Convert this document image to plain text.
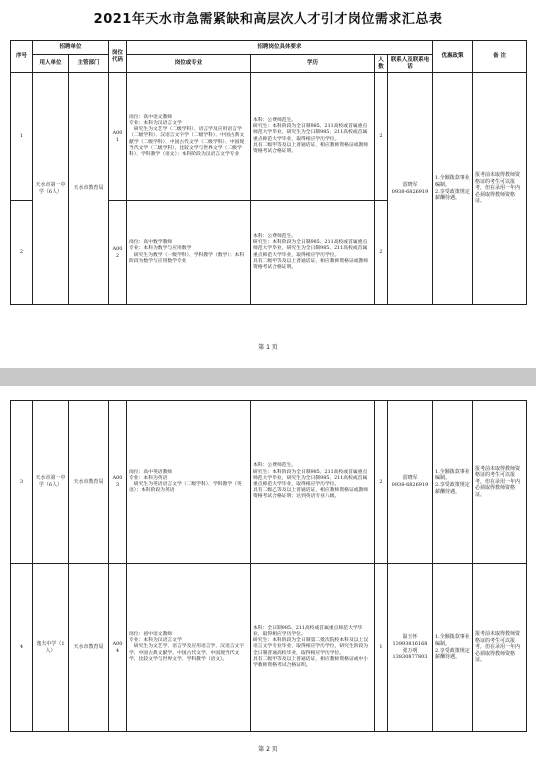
2021年天水市急需紧缺和高层次人才引才岗位需求汇总表
序号	招聘单位		岗位代码	招聘岗位具体要求				优惠政策	备 注
	用人单位	主管部门		岗位或专业	学历	人数	联系人及联系电话		
1	天水市第一中学（6人）	天水市教育局	A001	岗位：高中语文教师
专业：本科为汉语言文学
　研究生为文艺学（二级学科）、语言学及应用语言学（二级学科）、汉语言文字学（二级学科）、中国古典文献学（二级学科）、中国古代文学（二级学科）、中国现当代文学（二级学科）、比较文学与世界文学（二级学科）、学科教学（语文）；本科阶段为汉语言文学专业	本科：公费师范生。
研究生：本科阶段为全日制985、211高校或首属重点师范大学毕业，研究生为全日制985、211高校或首属重点师范大学毕业，取得相应学历学位。
具有二级甲等及以上普通话证，相应教师资格证或教师资格考试合格证明。	2	雷晓军
0938-6826919	1.全额拨款事业编制。
2.享受政策规定薪酬待遇。	报考前未取得教师资格证的考生可以报考，但在录用一年内必须取得教师资格证。
2			A002	岗位：高中数学教师
专业：本科为数学与应用数学
　研究生为数学（一级学科）、学科教学（数学）；本科阶段为数学与应用数学专业	本科：公费师范生。
研究生：本科阶段为全日制985、211高校或首属重点师范大学毕业，研究生为全日制985、211高校或首属重点师范大学毕业，取得相应学历学位。
具有二级甲等及以上普通话证，相应教师资格证或教师资格考试合格证明。	2			
第 1 页
3	天水市第一中学（6人）	天水市教育局	A003	岗位：高中英语教师
专业：本科为英语
　研究生为英语语言文学（二级学科）、学科教学（英语）；本科阶段为英语	本科：公费师范生。
研究生：本科阶段为全日制985、211高校或首属重点师范大学毕业，研究生为全日制985、211高校或首属重点师范大学毕业，取得相应学历学位。
具有二级乙等及以上普通话证，相应教师资格证或教师资格考试合格证明；达到英语专业八级。	2	雷晓军
0938-6826919	1.全额拨款事业编制。
2.享受政策规定薪酬待遇。	报考前未取得教师资格证的考生可以报考，但在录用一年内必须取得教师资格证。
4	逸夫中学（1人）	天水市教育局	A004	岗位：初中语文教师
专业：本科为汉语言文学
　研究生为文艺学、语言学及应用语言学、汉语言文字学、中国古典文献学、中国古代文学、中国现当代文学、比较文学与世界文学、学科教学（语文）。	本科：全日制985、211高校或首属重点师范大学毕业，取得相应学历学位。
研究生：本科阶段为全日制第二批次院校本科及以上汉语言文学专业毕业，取得相应学历学位，研究生阶段为全日制普通高校毕业，取得相应学历学位。
具有二级甲等及以上普通话证，相应教师资格证或中小学教师资格考试合格证明。	1	温玉怀
13993816168
张万明
13830877803	1.全额拨款事业编制。
2.享受政策规定薪酬待遇。	报考前未取得教师资格证的考生可以报考，但在录用一年内必须取得教师资格证。
第 2 页
